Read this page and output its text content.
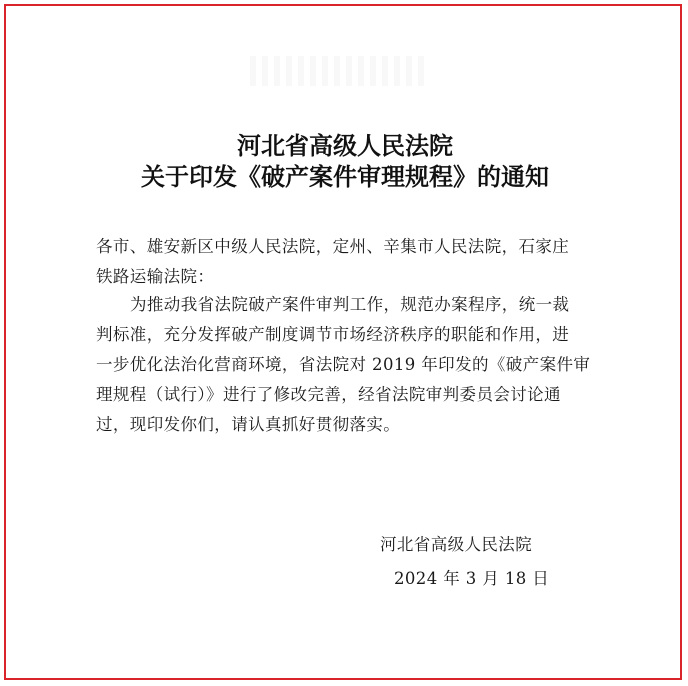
河北省高级人民法院
关于印发《破产案件审理规程》的通知
各市、雄安新区中级人民法院，定州、辛集市人民法院，石家庄
铁路运输法院：
为推动我省法院破产案件审判工作，规范办案程序，统一裁
判标准，充分发挥破产制度调节市场经济秩序的职能和作用，进
一步优化法治化营商环境，省法院对 2019 年印发的《破产案件审
理规程（试行）》进行了修改完善，经省法院审判委员会讨论通
过，现印发你们，请认真抓好贯彻落实。
河北省高级人民法院
2024 年 3 月 18 日
